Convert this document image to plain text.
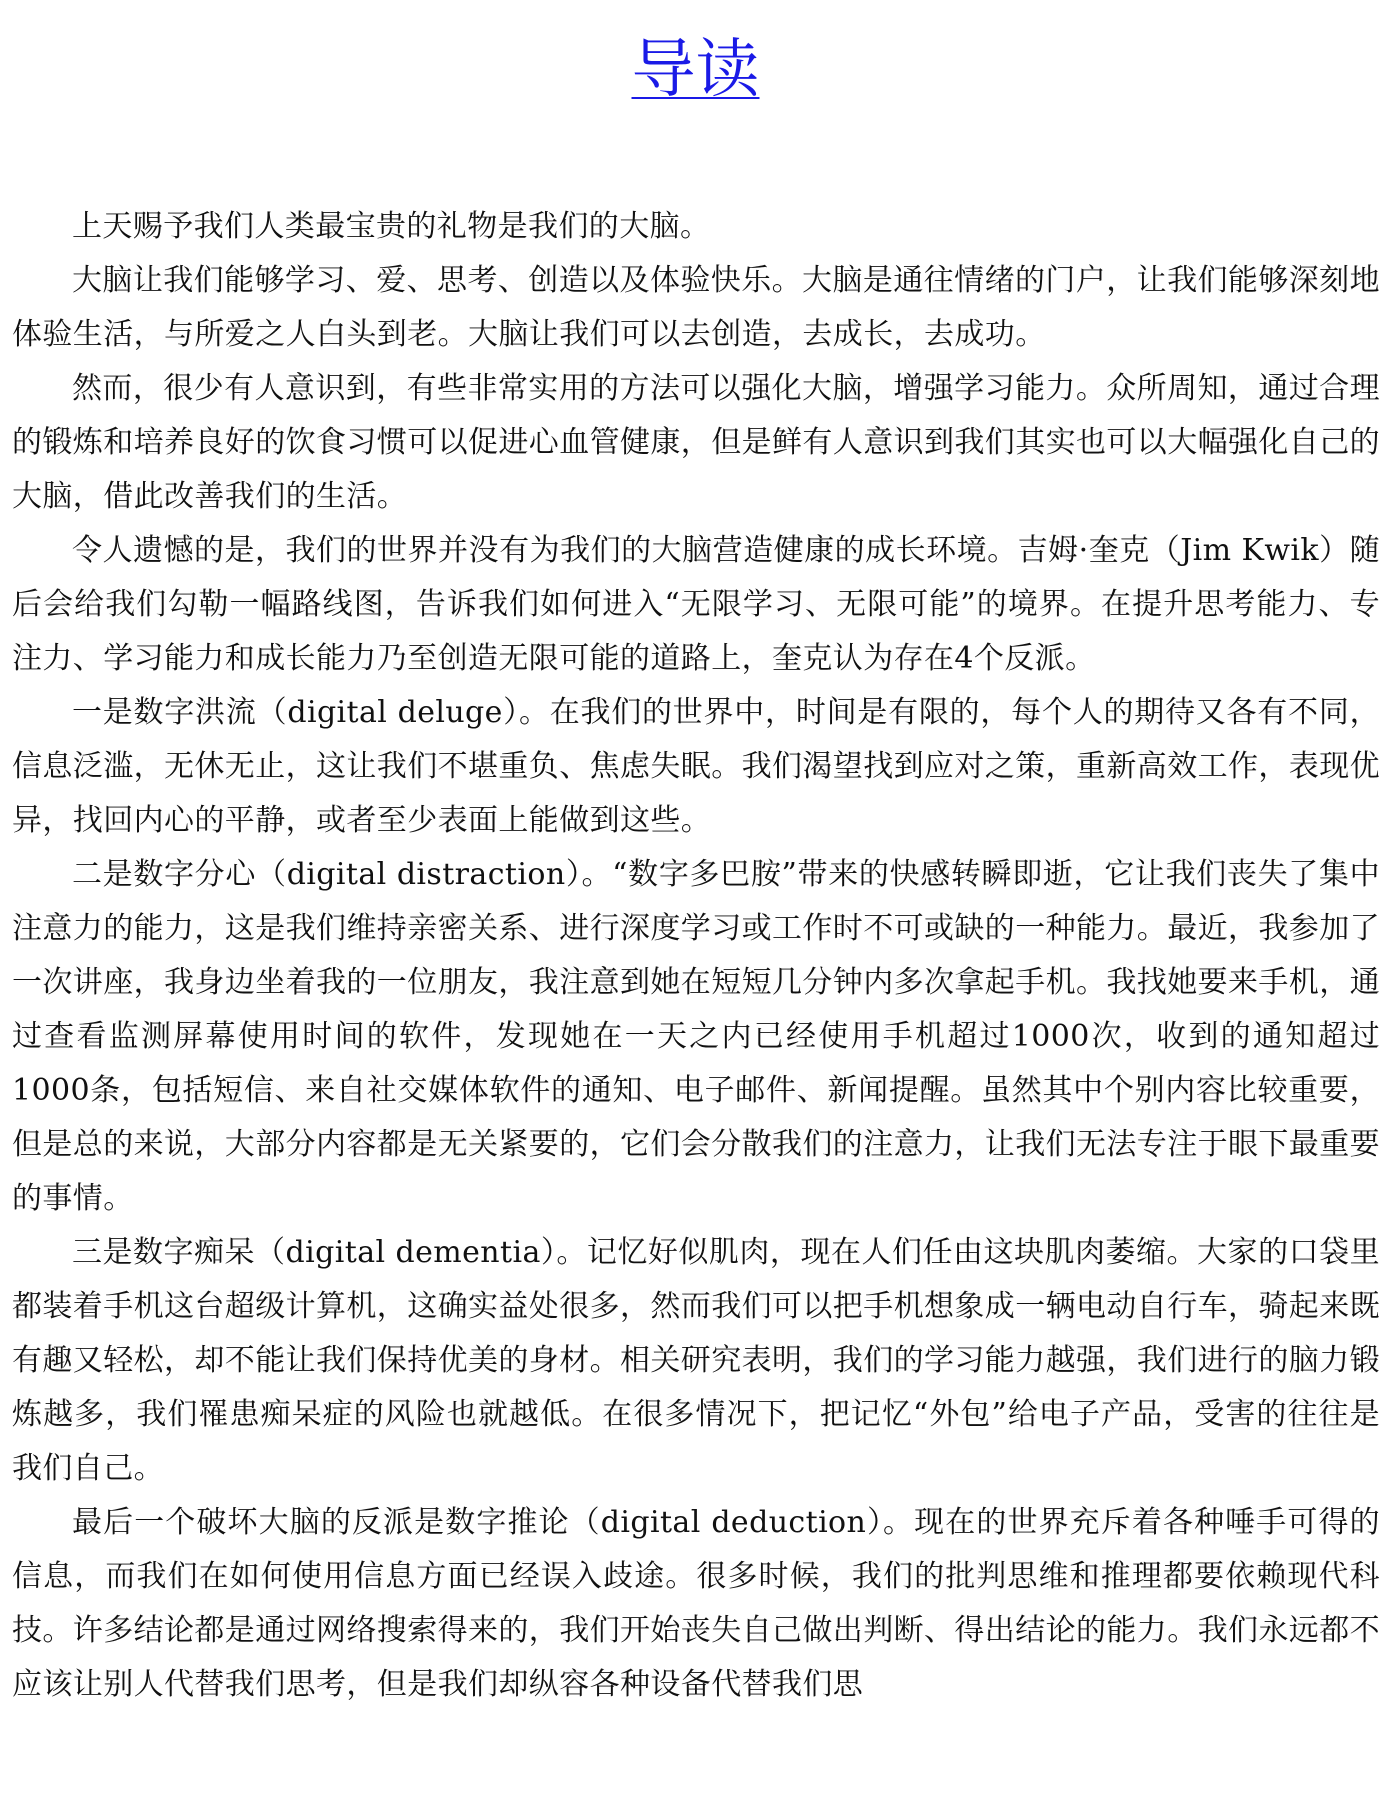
导读

上天赐予我们人类最宝贵的礼物是我们的大脑。

大脑让我们能够学习、爱、思考、创造以及体验快乐。大脑是通往情绪的门户，让我们能够深刻地体验生活，与所爱之人白头到老。大脑让我们可以去创造，去成长，去成功。

然而，很少有人意识到，有些非常实用的方法可以强化大脑，增强学习能力。众所周知，通过合理的锻炼和培养良好的饮食习惯可以促进心血管健康，但是鲜有人意识到我们其实也可以大幅强化自己的大脑，借此改善我们的生活。

令人遗憾的是，我们的世界并没有为我们的大脑营造健康的成长环境。吉姆·奎克（Jim Kwik）随后会给我们勾勒一幅路线图，告诉我们如何进入“无限学习、无限可能”的境界。在提升思考能力、专注力、学习能力和成长能力乃至创造无限可能的道路上，奎克认为存在4个反派。

一是数字洪流（digital deluge）。在我们的世界中，时间是有限的，每个人的期待又各有不同，信息泛滥，无休无止，这让我们不堪重负、焦虑失眠。我们渴望找到应对之策，重新高效工作，表现优异，找回内心的平静，或者至少表面上能做到这些。

二是数字分心（digital distraction）。“数字多巴胺”带来的快感转瞬即逝，它让我们丧失了集中注意力的能力，这是我们维持亲密关系、进行深度学习或工作时不可或缺的一种能力。最近，我参加了一次讲座，我身边坐着我的一位朋友，我注意到她在短短几分钟内多次拿起手机。我找她要来手机，通过查看监测屏幕使用时间的软件，发现她在一天之内已经使用手机超过1000次，收到的通知超过1000条，包括短信、来自社交媒体软件的通知、电子邮件、新闻提醒。虽然其中个别内容比较重要，但是总的来说，大部分内容都是无关紧要的，它们会分散我们的注意力，让我们无法专注于眼下最重要的事情。

三是数字痴呆（digital dementia）。记忆好似肌肉，现在人们任由这块肌肉萎缩。大家的口袋里都装着手机这台超级计算机，这确实益处很多，然而我们可以把手机想象成一辆电动自行车，骑起来既有趣又轻松，却不能让我们保持优美的身材。相关研究表明，我们的学习能力越强，我们进行的脑力锻炼越多，我们罹患痴呆症的风险也就越低。在很多情况下，把记忆“外包”给电子产品，受害的往往是我们自己。

最后一个破坏大脑的反派是数字推论（digital deduction）。现在的世界充斥着各种唾手可得的信息，而我们在如何使用信息方面已经误入歧途。很多时候，我们的批判思维和推理都要依赖现代科技。许多结论都是通过网络搜索得来的，我们开始丧失自己做出判断、得出结论的能力。我们永远都不应该让别人代替我们思考，但是我们却纵容各种设备代替我们思
